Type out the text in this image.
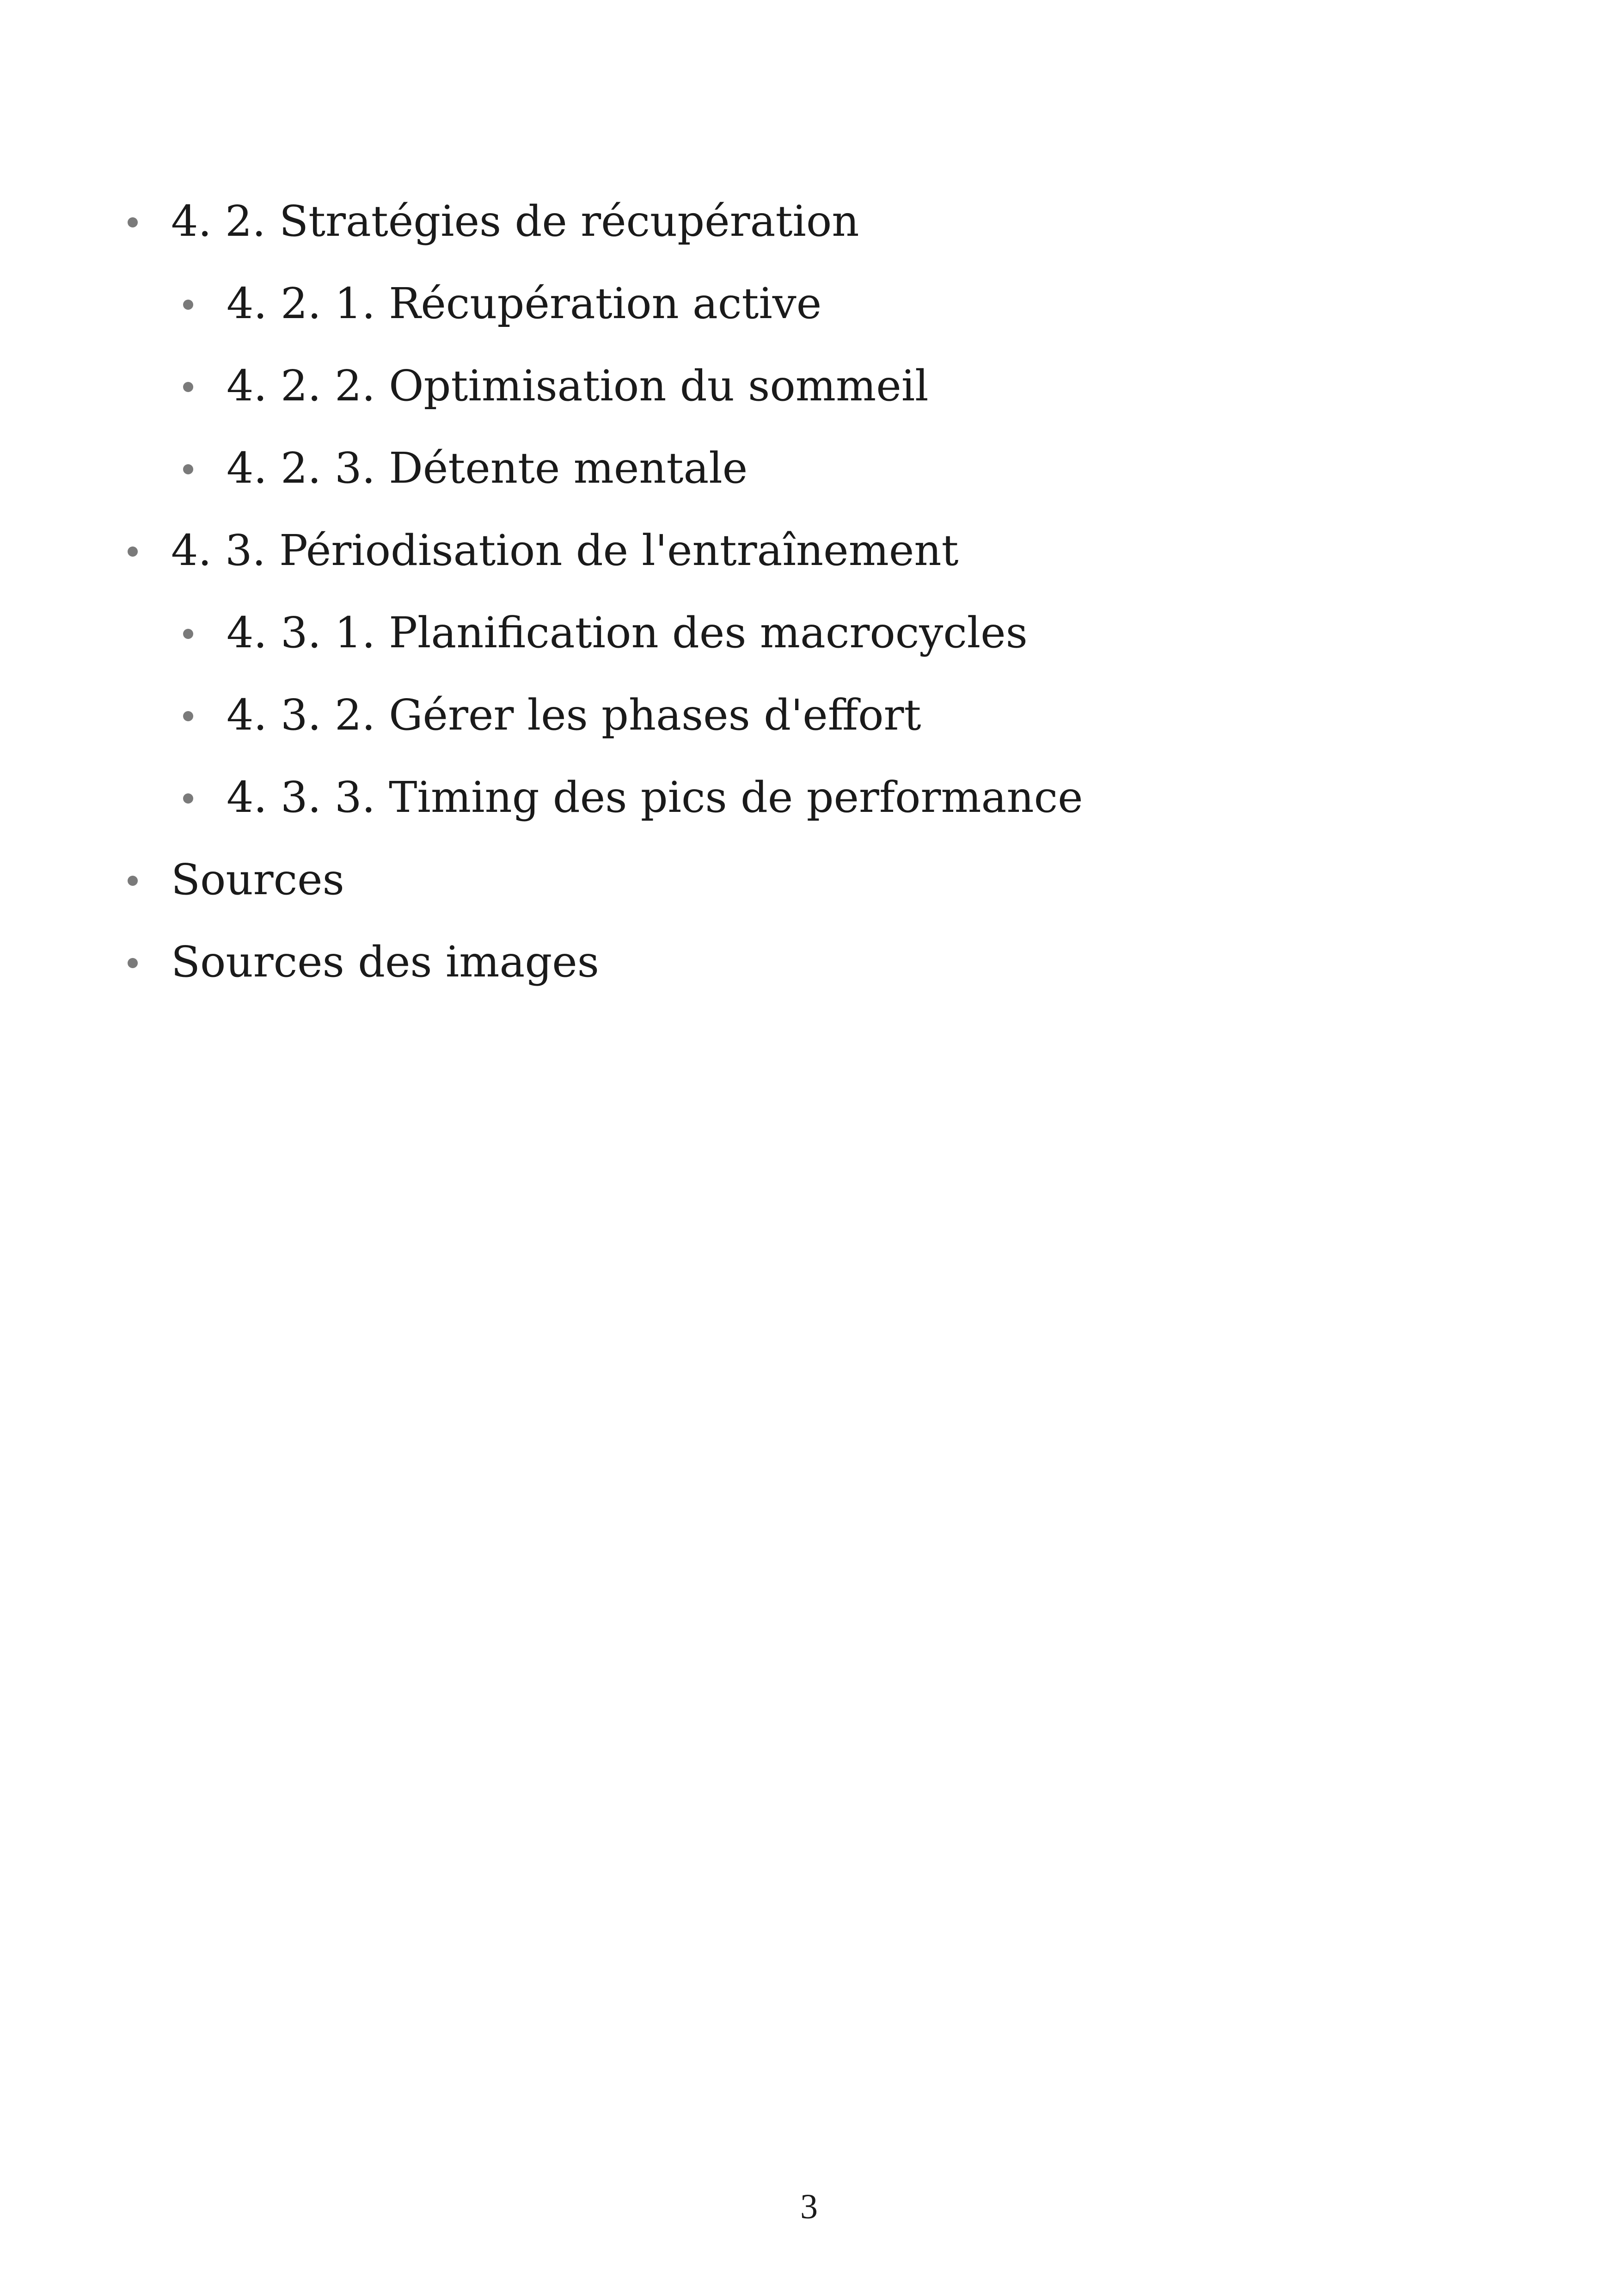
4. 2. Stratégies de récupération
4. 2. 1. Récupération active
4. 2. 2. Optimisation du sommeil
4. 2. 3. Détente mentale
4. 3. Périodisation de l'entraînement
4. 3. 1. Planification des macrocycles
4. 3. 2. Gérer les phases d'effort
4. 3. 3. Timing des pics de performance
Sources
Sources des images
3
